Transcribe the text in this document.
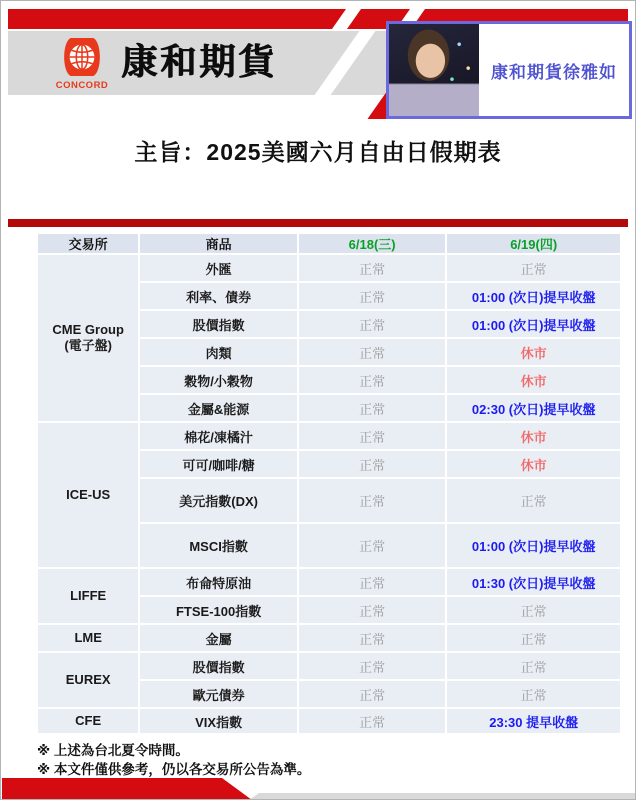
CONCORD
康和期貨	康和期貨徐雅如
主旨：2025美國六月自由日假期表
交易所	商品	6/18(三)	6/19(四)

CME Group
(電子盤)	外匯	正常	正常
	利率、債券	正常	01:00 (次日)提早收盤
	股價指數	正常	01:00 (次日)提早收盤
	肉類	正常	休市
	穀物/小穀物	正常	休市
	金屬&能源	正常	02:30 (次日)提早收盤

ICE-US	棉花/凍橘汁	正常	休市
	可可/咖啡/糖	正常	休市
	美元指數(DX)	正常	正常
	MSCI指數	正常	01:00 (次日)提早收盤

LIFFE	布侖特原油	正常	01:30 (次日)提早收盤
	FTSE-100指數	正常	正常

LME	金屬	正常	正常

EUREX	股價指數	正常	正常
	歐元債券	正常	正常

CFE	VIX指數	正常	23:30 提早收盤
※ 上述為台北夏令時間。
※ 本文件僅供參考，仍以各交易所公告為準。
